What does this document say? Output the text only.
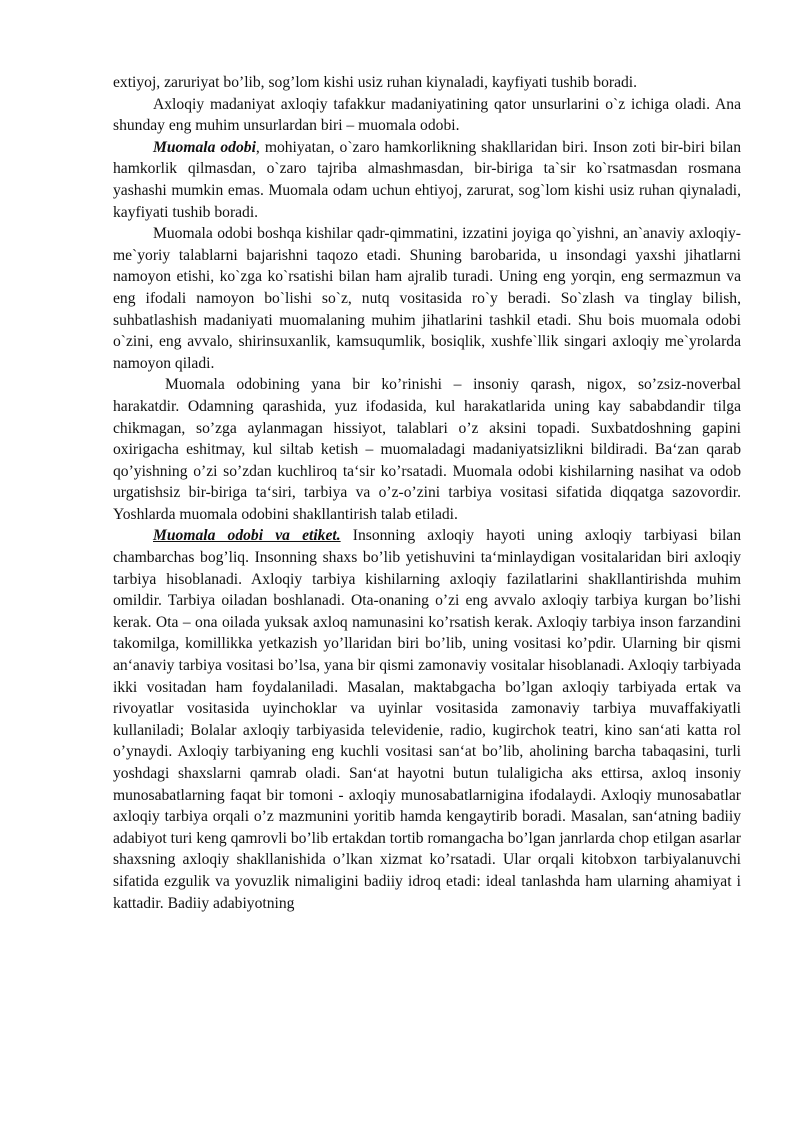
extiyoj, zaruriyat bo’lib, sog’lom kishi usiz ruhan kiynaladi, kayfiyati tushib boradi.

Axloqiy madaniyat axloqiy tafakkur madaniyatining qator unsurlarini o`z ichiga oladi. Ana shunday eng muhim unsurlardan biri – muomala odobi.

Muomala odobi, mohiyatan, o`zaro hamkorlikning shakllaridan biri. Inson zoti bir-biri bilan hamkorlik qilmasdan, o`zaro tajriba almashmasdan, bir-biriga ta`sir ko`rsatmasdan rosmana yashashi mumkin emas. Muomala odam uchun ehtiyoj, zarurat, sog`lom kishi usiz ruhan qiynaladi, kayfiyati tushib boradi.

Muomala odobi boshqa kishilar qadr-qimmatini, izzatini joyiga qo`yishni, an`anaviy axloqiy-me`yoriy talablarni bajarishni taqozo etadi. Shuning barobarida, u insondagi yaxshi jihatlarni namoyon etishi, ko`zga ko`rsatishi bilan ham ajralib turadi. Uning eng yorqin, eng sermazmun va eng ifodali namoyon bo`lishi so`z, nutq vositasida ro`y beradi. So`zlash va tinglay bilish, suhbatlashish madaniyati muomalaning muhim jihatlarini tashkil etadi. Shu bois muomala odobi o`zini, eng avvalo, shirinsuxanlik, kamsuqumlik, bosiqlik, xushfe`llik singari axloqiy me`yrolarda namoyon qiladi.

Muomala odobining yana bir ko’rinishi – insoniy qarash, nigox, so’zsiz-noverbal harakatdir. Odamning qarashida, yuz ifodasida, kul harakatlarida uning kay sababdandir tilga chikmagan, so’zga aylanmagan hissiyot, talablari o’z aksini topadi. Suxbatdoshning gapini oxirigacha eshitmay, kul siltab ketish – muomaladagi madaniyatsizlikni bildiradi. Ba‘zan qarab qo’yishning o’zi so’zdan kuchliroq ta‘sir ko’rsatadi. Muomala odobi kishilarning nasihat va odob urgatishsiz bir-biriga ta‘siri, tarbiya va o’z-o’zini tarbiya vositasi sifatida diqqatga sazovordir. Yoshlarda muomala odobini shakllantirish talab etiladi.

Muomala odobi va etiket. Insonning axloqiy hayoti uning axloqiy tarbiyasi bilan chambarchas bog’liq. Insonning shaxs bo’lib yetishuvini ta‘minlaydigan vositalaridan biri axloqiy tarbiya hisoblanadi. Axloqiy tarbiya kishilarning axloqiy fazilatlarini shakllantirishda muhim omildir. Tarbiya oiladan boshlanadi. Ota-onaning o’zi eng avvalo axloqiy tarbiya kurgan bo’lishi kerak. Ota – ona oilada yuksak axloq namunasini ko’rsatish kerak. Axloqiy tarbiya inson farzandini takomilga, komillikka yetkazish yo’llaridan biri bo’lib, uning vositasi ko’pdir. Ularning bir qismi an‘anaviy tarbiya vositasi bo’lsa, yana bir qismi zamonaviy vositalar hisoblanadi. Axloqiy tarbiyada ikki vositadan ham foydalaniladi. Masalan, maktabgacha bo’lgan axloqiy tarbiyada ertak va rivoyatlar vositasida uyinchoklar va uyinlar vositasida zamonaviy tarbiya muvaffakiyatli kullaniladi; Bolalar axloqiy tarbiyasida televidenie, radio, kugirchok teatri, kino san‘ati katta rol o’ynaydi. Axloqiy tarbiyaning eng kuchli vositasi san‘at bo’lib, aholining barcha tabaqasini, turli yoshdagi shaxslarni qamrab oladi. San‘at hayotni butun tulaligicha aks ettirsa, axloq insoniy munosabatlarning faqat bir tomoni - axloqiy munosabatlarnigina ifodalaydi. Axloqiy munosabatlar axloqiy tarbiya orqali o’z mazmunini yoritib hamda kengaytirib boradi. Masalan, san‘atning badiiy adabiyot turi keng qamrovli bo’lib ertakdan tortib romangacha bo’lgan janrlarda chop etilgan asarlar shaxsning axloqiy shakllanishida o’lkan xizmat ko’rsatadi. Ular orqali kitobxon tarbiyalanuvchi sifatida ezgulik va yovuzlik nimaligini badiiy idroq etadi: ideal tanlashda ham ularning ahamiyat i kattadir. Badiiy adabiyotning
